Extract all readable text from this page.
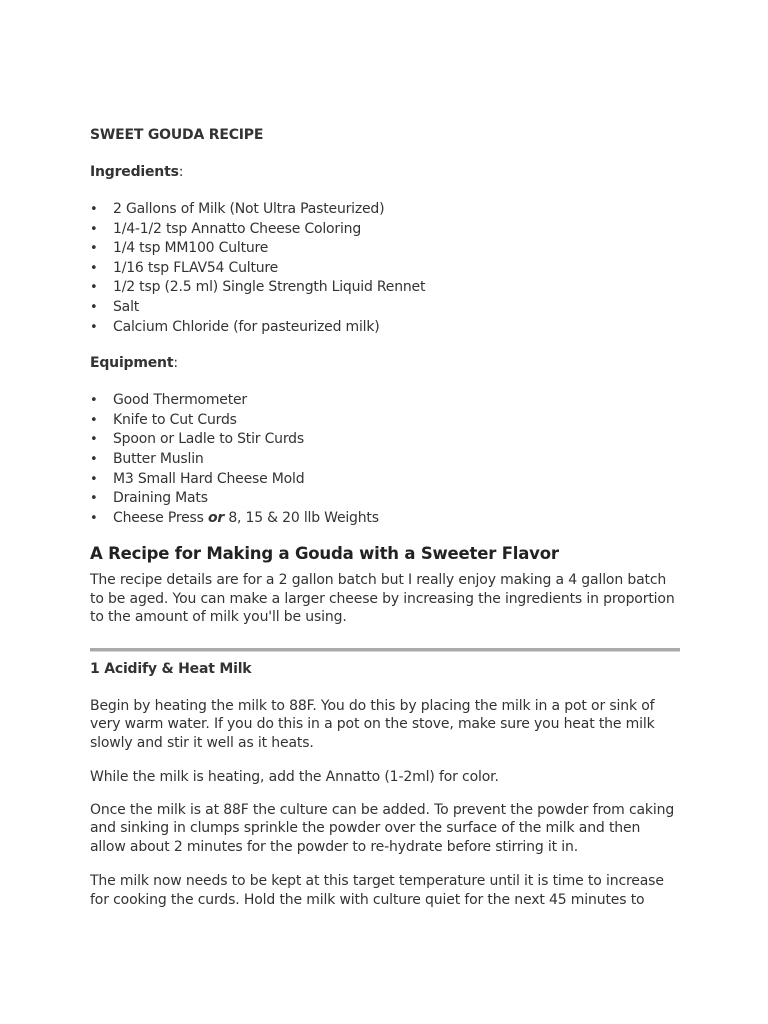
SWEET GOUDA RECIPE
Ingredients:
• 2 Gallons of Milk (Not Ultra Pasteurized)
• 1/4-1/2 tsp Annatto Cheese Coloring
• 1/4 tsp MM100 Culture
• 1/16 tsp FLAV54 Culture
• 1/2 tsp (2.5 ml) Single Strength Liquid Rennet
• Salt
• Calcium Chloride (for pasteurized milk)
Equipment:
• Good Thermometer
• Knife to Cut Curds
• Spoon or Ladle to Stir Curds
• Butter Muslin
• M3 Small Hard Cheese Mold
• Draining Mats
• Cheese Press or 8, 15 & 20 llb Weights
A Recipe for Making a Gouda with a Sweeter Flavor

The recipe details are for a 2 gallon batch but I really enjoy making a 4 gallon batch to be aged. You can make a larger cheese by increasing the ingredients in proportion to the amount of milk you'll be using.

1 Acidify & Heat Milk

Begin by heating the milk to 88F. You do this by placing the milk in a pot or sink of very warm water. If you do this in a pot on the stove, make sure you heat the milk slowly and stir it well as it heats.

While the milk is heating, add the Annatto (1-2ml) for color.

Once the milk is at 88F the culture can be added. To prevent the powder from caking and sinking in clumps sprinkle the powder over the surface of the milk and then allow about 2 minutes for the powder to re-hydrate before stirring it in.

The milk now needs to be kept at this target temperature until it is time to increase for cooking the curds. Hold the milk with culture quiet for the next 45 minutes to
